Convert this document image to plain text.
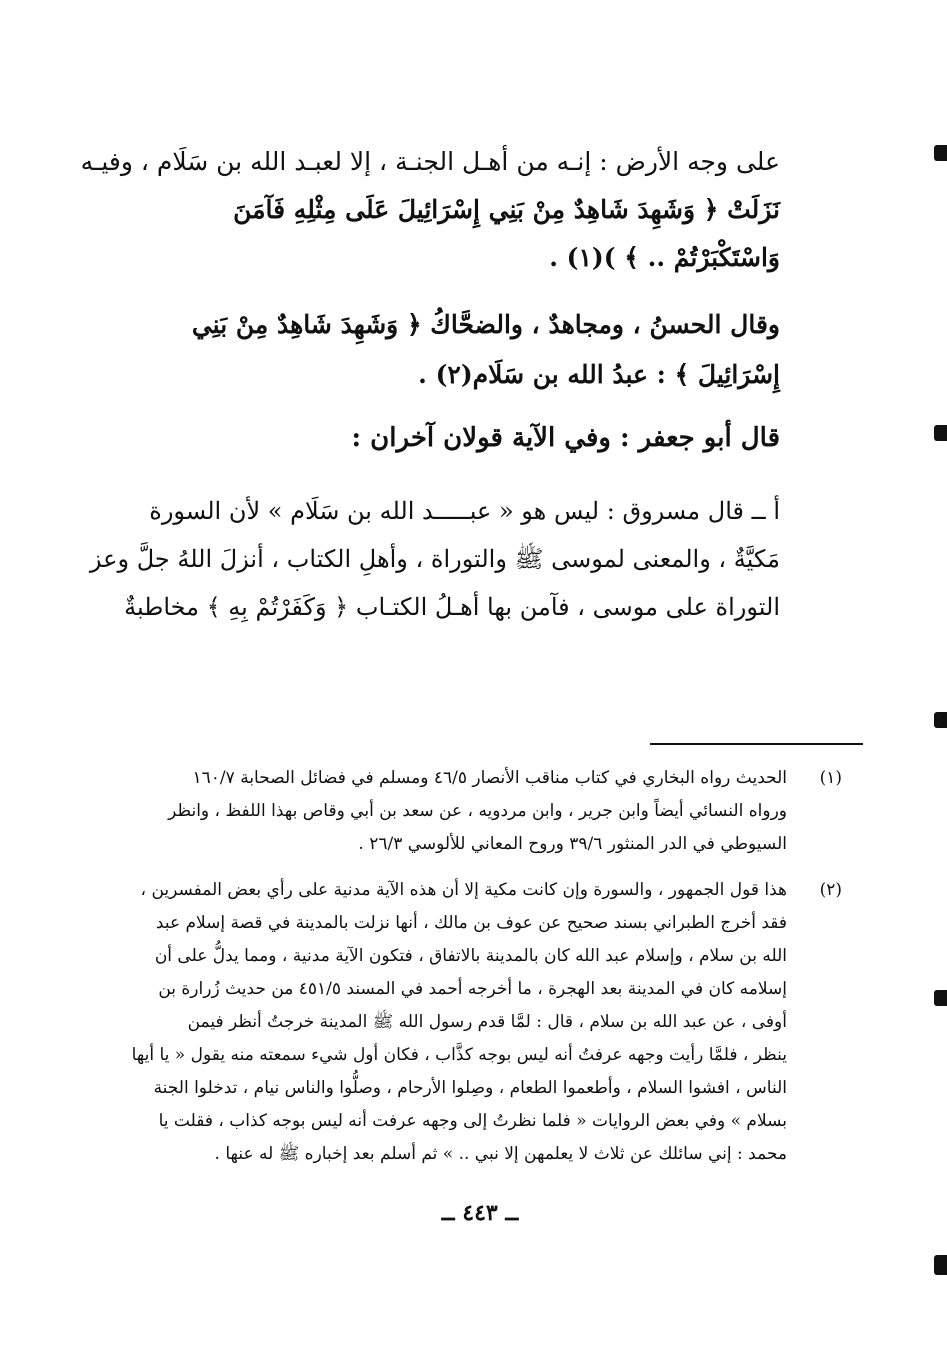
على وجه الأرض : إنـه من أهـل الجنـة ، إلا لعبـد الله بن سَلَام ، وفيـه
نَزَلَتْ ﴿ وَشَهِدَ شَاهِدٌ مِنْ بَنِي إِسْرَائِيلَ عَلَى مِثْلِهِ فَآمَنَ
وَاسْتَكْبَرْتُمْ .. ﴾ )(١) .
وقال الحسنُ ، ومجاهدٌ ، والضحَّاكُ ﴿ وَشَهِدَ شَاهِدٌ مِنْ بَنِي
إِسْرَائِيلَ ﴾ : عبدُ الله بن سَلَام(٢) .
قال أبو جعفر : وفي الآية قولان آخران :
أ ــ قال مسروق : ليس هو « عبـــــد الله بن سَلَام » لأن السورة
مَكيَّةٌ ، والمعنى لموسى ﷺ والتوراة ، وأهلِ الكتاب ، أنزلَ اللهُ جلَّ وعز
التوراة على موسى ، فآمن بها أهـلُ الكتـاب ﴿ وَكَفَرْتُمْ بِهِ ﴾ مخاطبةٌ
(١)
الحديث رواه البخاري في كتاب مناقب الأنصار ٤٦/٥ ومسلم في فضائل الصحابة ١٦٠/٧
ورواه النسائي أيضاً وابن جرير ، وابن مردويه ، عن سعد بن أبي وقاص بهذا اللفظ ، وانظر
السيوطي في الدر المنثور ٣٩/٦ وروح المعاني للألوسي ٢٦/٣ .
(٢)
هذا قول الجمهور ، والسورة وإن كانت مكية إلا أن هذه الآية مدنية على رأي بعض المفسرين ،
فقد أخرج الطبراني بسند صحيح عن عوف بن مالك ، أنها نزلت بالمدينة في قصة إسلام عبد
الله بن سلام ، وإسلام عبد الله كان بالمدينة بالاتفاق ، فتكون الآية مدنية ، ومما يدلُّ على أن
إسلامه كان في المدينة بعد الهجرة ، ما أخرجه أحمد في المسند ٤٥١/٥ من حديث زُرارة بن
أوفى ، عن عبد الله بن سلام ، قال : لمَّا قدم رسول الله ﷺ المدينة خرجتُ أنظر فيمن
ينظر ، فلمَّا رأيت وجهه عرفتُ أنه ليس بوجه كذَّاب ، فكان أول شيء سمعته منه يقول « يا أيها
الناس ، افشوا السلام ، وأطعموا الطعام ، وصِلوا الأرحام ، وصلُّوا والناس نيام ، تدخلوا الجنة
بسلام » وفي بعض الروايات « فلما نظرتُ إلى وجهه عرفت أنه ليس بوجه كذاب ، فقلت يا
محمد : إني سائلك عن ثلاث لا يعلمهن إلا نبي .. » ثم أسلم بعد إخباره ﷺ له عنها .
ــ ٤٤٣ ــ
